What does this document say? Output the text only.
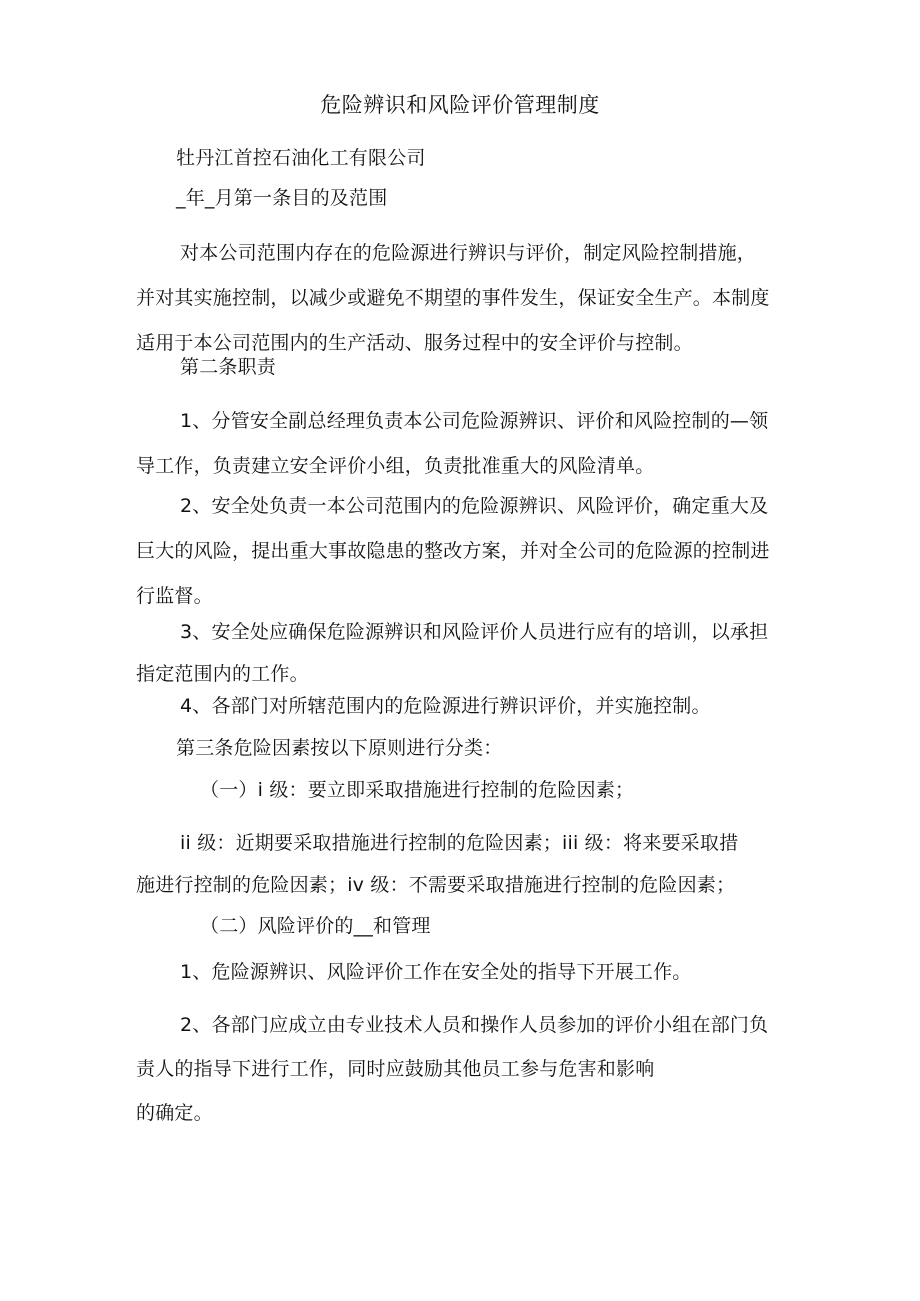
危险辨识和风险评价管理制度
牡丹江首控石油化工有限公司
_年_月第一条目的及范围
对本公司范围内存在的危险源进行辨识与评价，制定风险控制措施，
并对其实施控制，以减少或避免不期望的事件发生，保证安全生产。本制度
适用于本公司范围内的生产活动、服务过程中的安全评价与控制。
第二条职责
1、分管安全副总经理负责本公司危险源辨识、评价和风险控制的—领
导工作，负责建立安全评价小组，负责批准重大的风险清单。
2、安全处负责一本公司范围内的危险源辨识、风险评价，确定重大及
巨大的风险，提出重大事故隐患的整改方案，并对全公司的危险源的控制进
行监督。
3、安全处应确保危险源辨识和风险评价人员进行应有的培训，以承担
指定范围内的工作。
4、各部门对所辖范围内的危险源进行辨识评价，并实施控制。
第三条危险因素按以下原则进行分类：
（一）i 级：要立即采取措施进行控制的危险因素；
ii 级：近期要采取措施进行控制的危险因素；iii 级：将来要采取措
施进行控制的危险因素；iv 级：不需要采取措施进行控制的危险因素；
（二）风险评价的__和管理
1、危险源辨识、风险评价工作在安全处的指导下开展工作。
2、各部门应成立由专业技术人员和操作人员参加的评价小组在部门负
责人的指导下进行工作，同时应鼓励其他员工参与危害和影响
的确定。
